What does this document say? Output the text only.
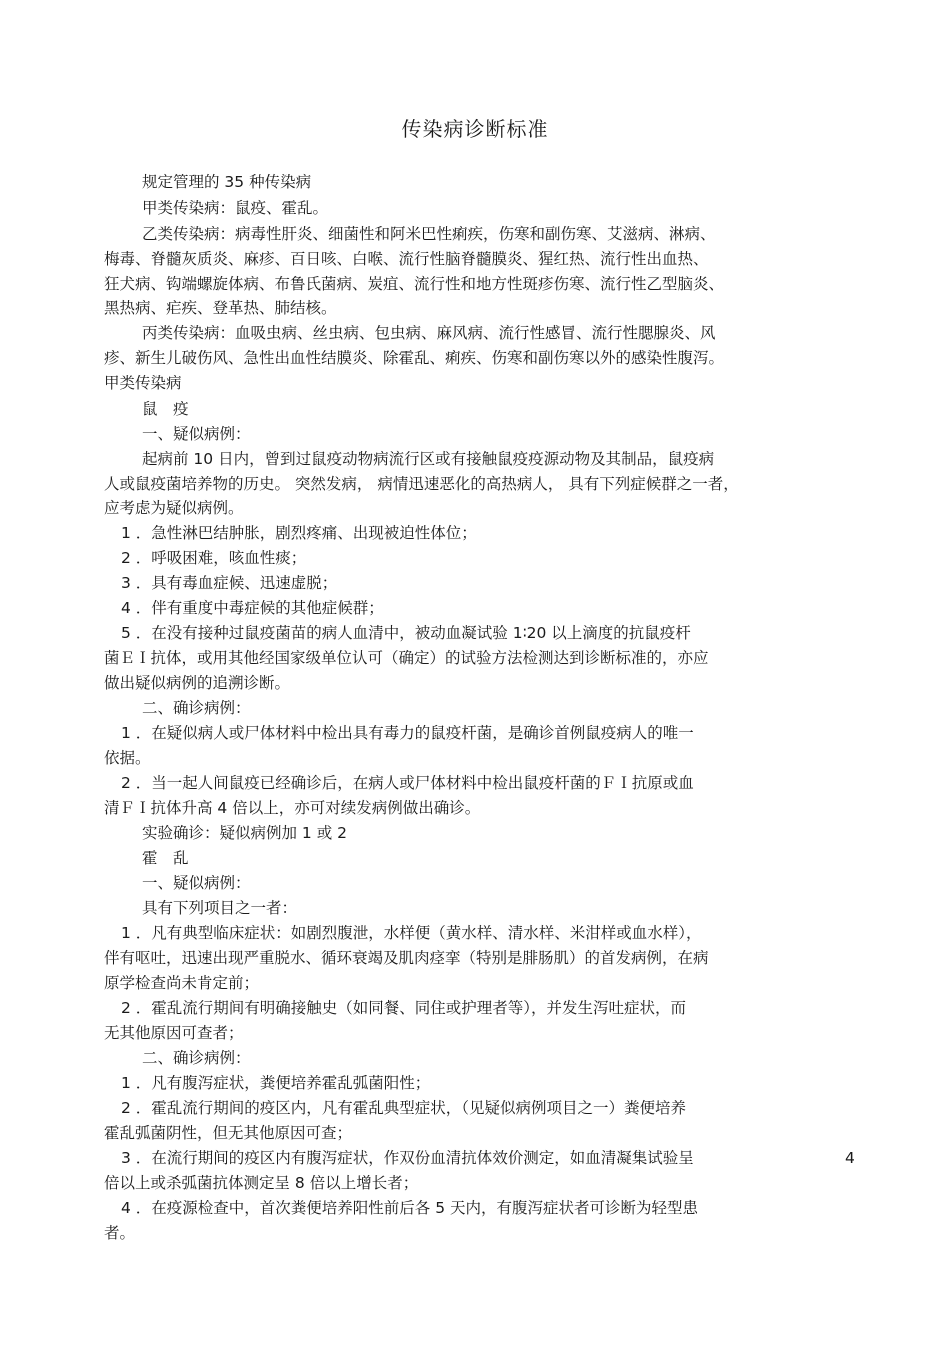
传染病诊断标准
规定管理的 35 种传染病
甲类传染病：鼠疫、霍乱。
乙类传染病：病毒性肝炎、细菌性和阿米巴性痢疾，伤寒和副伤寒、艾滋病、淋病、
梅毒、脊髓灰质炎、麻疹、百日咳、白喉、流行性脑脊髓膜炎、猩红热、流行性出血热、
狂犬病、钩端螺旋体病、布鲁氏菌病、炭疽、流行性和地方性斑疹伤寒、流行性乙型脑炎、
黑热病、疟疾、登革热、肺结核。
丙类传染病：血吸虫病、丝虫病、包虫病、麻风病、流行性感冒、流行性腮腺炎、风
疹、新生儿破伤风、急性出血性结膜炎、除霍乱、痢疾、伤寒和副伤寒以外的感染性腹泻。
甲类传染病
鼠　疫
一、疑似病例：
起病前 10 日内，曾到过鼠疫动物病流行区或有接触鼠疫疫源动物及其制品，鼠疫病
人或鼠疫菌培养物的历史。 突然发病， 病情迅速恶化的高热病人， 具有下列症候群之一者，
应考虑为疑似病例。
1 ．急性淋巴结肿胀，剧烈疼痛、出现被迫性体位；
2 ．呼吸困难，咳血性痰；
3 ．具有毒血症候、迅速虚脱；
4 ．伴有重度中毒症候的其他症候群；
5 ．在没有接种过鼠疫菌苗的病人血清中，被动血凝试验 1∶20 以上滴度的抗鼠疫杆
菌ＥＩ抗体，或用其他经国家级单位认可（确定）的试验方法检测达到诊断标准的，亦应
做出疑似病例的追溯诊断。
二、确诊病例：
1 ．在疑似病人或尸体材料中检出具有毒力的鼠疫杆菌，是确诊首例鼠疫病人的唯一
依据。
2 ．当一起人间鼠疫已经确诊后，在病人或尸体材料中检出鼠疫杆菌的ＦＩ抗原或血
清ＦＩ抗体升高 4 倍以上，亦可对续发病例做出确诊。
实验确诊：疑似病例加 1 或 2
霍　乱
一、疑似病例：
具有下列项目之一者：
1 ．凡有典型临床症状：如剧烈腹泄，水样便（黄水样、清水样、米泔样或血水样），
伴有呕吐，迅速出现严重脱水、循环衰竭及肌肉痉挛（特别是腓肠肌）的首发病例，在病
原学检查尚未肯定前；
2 ．霍乱流行期间有明确接触史（如同餐、同住或护理者等），并发生泻吐症状，而
无其他原因可查者；
二、确诊病例：
1 ．凡有腹泻症状，粪便培养霍乱弧菌阳性；
2 ．霍乱流行期间的疫区内，凡有霍乱典型症状，（见疑似病例项目之一）粪便培养
霍乱弧菌阴性，但无其他原因可查；
3 ．在流行期间的疫区内有腹泻症状，作双份血清抗体效价测定，如血清凝集试验呈	4
倍以上或杀弧菌抗体测定呈 8 倍以上增长者；
4 ．在疫源检查中，首次粪便培养阳性前后各 5 天内，有腹泻症状者可诊断为轻型患
者。
